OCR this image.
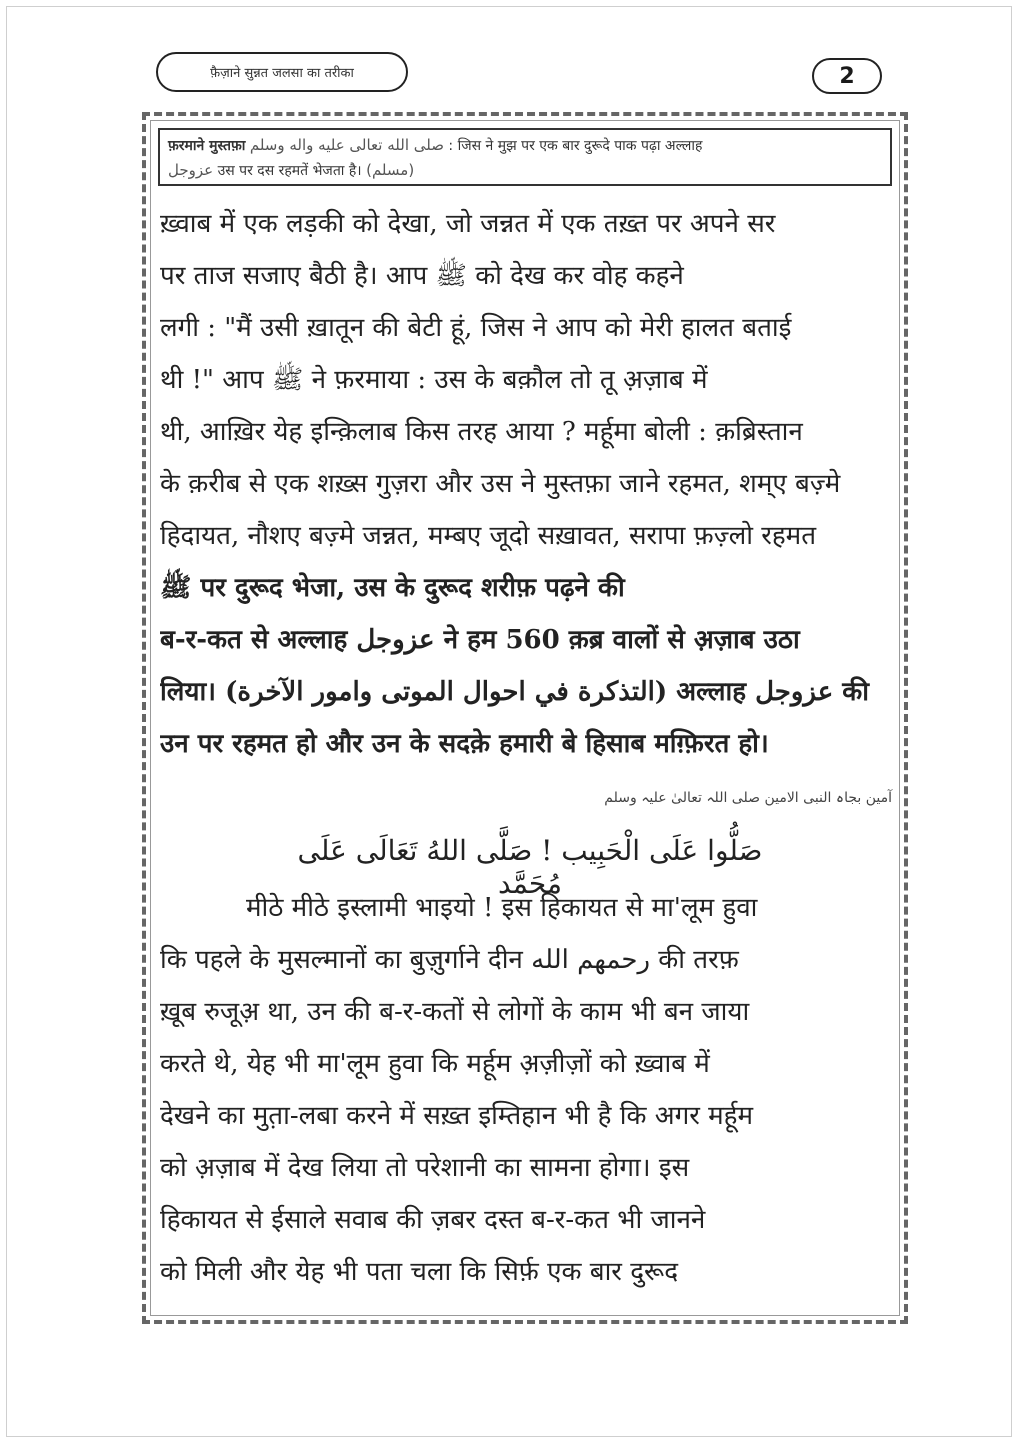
फ़ैज़ाने सुन्नत जलसा का तरीका	2
फ़रमाने मुस्तफ़ा صلى الله تعالى عليه واله وسلم : जिस ने मुझ पर एक बार दुरूदे पाक पढ़ा अल्लाह
عزوجل उस पर दस रहमतें भेजता है। (مسلم)
ख़्वाब में एक लड़की को देखा, जो जन्नत में एक तख़्त पर अपने सर
पर ताज सजाए बैठी है। आप ﷺ को देख कर वोह कहने
लगी : "मैं उसी ख़ातून की बेटी हूं, जिस ने आप को मेरी हालत बताई
थी !" आप ﷺ ने फ़रमाया : उस के बक़ौल तो तू अ़ज़ाब में
थी, आख़िर येह इन्क़िलाब किस तरह आया ? मर्हूमा बोली : क़ब्रिस्तान
के क़रीब से एक शख़्स गुज़रा और उस ने मुस्तफ़ा जाने रहमत, शम्ए बज़्मे
हिदायत, नौशए बज़्मे जन्नत, मम्बए जूदो सख़ावत, सरापा फ़ज़्लो रहमत
ﷺ पर दुरूद भेजा, उस के दुरूद शरीफ़ पढ़ने की
ब-र-कत से अल्लाह عزوجل ने हम 560 क़ब्र वालों से अ़ज़ाब उठा
लिया। (التذكرة في احوال الموتى وامور الآخرة) अल्लाह عزوجل की
उन पर रहमत हो और उन के सदक़े हमारी बे हिसाब मग़्फ़िरत हो।
آمین بجاہ النبی الامین صلی اللہ تعالیٰ علیہ وسلم
صَلُّوا عَلَى الْحَبِيب ! صَلَّى اللهُ تَعَالَى عَلَى مُحَمَّد
मीठे मीठे इस्लामी भाइयो ! इस हिकायत से मा'लूम हुवा
कि पहले के मुसल्मानों का बुज़ुर्गाने दीन رحمهم الله की तरफ़
ख़ूब रुजूअ़ था, उन की ब-र-कतों से लोगों के काम भी बन जाया
करते थे, येह भी मा'लूम हुवा कि मर्हूम अ़ज़ीज़ों को ख़्वाब में
देखने का मुत़ा-लबा करने में सख़्त इम्तिहान भी है कि अगर मर्हूम
को अ़ज़ाब में देख लिया तो परेशानी का सामना होगा। इस
हिकायत से ईसाले सवाब की ज़बर दस्त ब-र-कत भी जानने
को मिली और येह भी पता चला कि सिर्फ़ एक बार दुरूद
